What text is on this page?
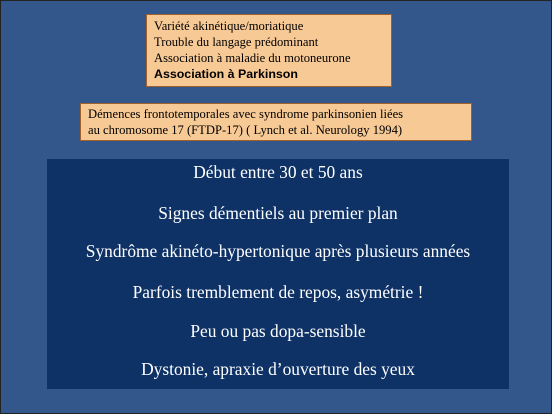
Variété akinétique/moriatique
Trouble du langage prédominant
Association à maladie du motoneurone
Association à Parkinson
Démences frontotemporales avec syndrome parkinsonien liées
au chromosome 17 (FTDP-17) ( Lynch et al. Neurology 1994)
Début entre 30 et 50 ans
Signes démentiels au premier plan
Syndrôme akinéto-hypertonique après plusieurs années
Parfois tremblement de repos, asymétrie !
Peu ou pas dopa-sensible
Dystonie, apraxie d’ouverture des yeux
